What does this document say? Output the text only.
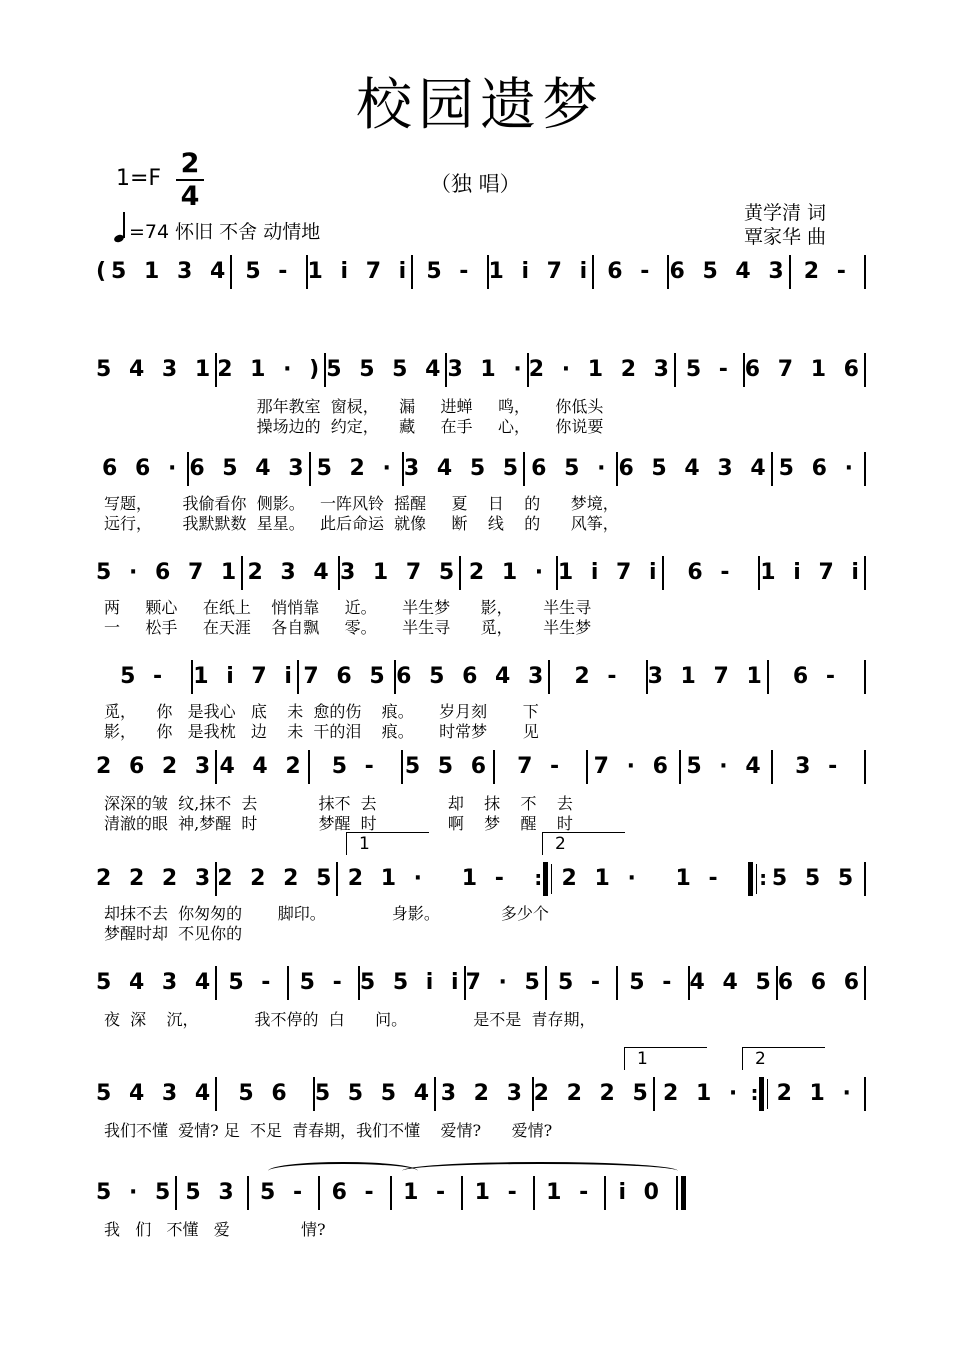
校园遗梦
1=F 2
4	（独 唱）
=74 怀旧 不舍 动情地
黄学清 词
覃家华 曲
(5 1 3 4 5 - 1 i 7 i 5 - 1 i 7 i 6 - 6 5 4 3 2 -
5 4 3 1 2 1 · ) 5 5 5 4 3 1 · 2 · 1 2 3 5 - 6 7 1 6
那年教室  窗棂，    漏     进蝉     鸣，     你低头
操场边的  约定，    藏     在手     心，     你说要
6 6 · 6 5 4 3 5 2 · 3 4 5 5 6 5 · 6 5 4 3 4 5 6 ·
写题，      我偷看你  侧影。   一阵风铃  摇醒     夏    日    的      梦境，
远行，      我默默数  星星。   此后命运  就像     断    线    的      风筝，
5 · 6 7 1 2 3 4 3 1 7 5 2 1 · 1 i 7 i	6 -	1 i 7 i
两     颗心     在纸上    悄悄靠     近。     半生梦      影，      半生寻
一     松手     在天涯    各自飘     零。     半生寻      觅，      半生梦
5 -	1 i 7 i 7 6 5 6 5 6 4 3	2 -	3 1 7 1	6 -
觅，    你   是我心   底    未  愈的伤    痕。     岁月刻       下
影，    你   是我枕   边    未  干的泪    痕。     时常梦       见
2 6 2 3 4 4 2	5 -	5 5 6	7 -	7 · 6 5 · 4	3 -
深深的皱  纹,抹不  去            抹不  去              却    抹    不    去
清澈的眼  神,梦醒  时            梦醒  时              啊    梦    醒    时
2 2 2 3 2 2 2 5 2 1 ·	1 - :	2 1 ·	1 - :	5 5 5
1	2
却抹不去  你匆匆的       脚印。             身影。            多少个
梦醒时却  不见你的
5 4 3 4 5 -	5 - 5 5 i i 7 · 5 5 -	5 - 4 4 5 6 6 6
夜  深    沉，           我不停的  白      问。             是不是  青存期，
5 4 3 4	5 6	5 5 5 4 3 2 3 2 2 2 5 2 1 · :	2 1 ·
1	2
我们不懂  爱情? 足  不足  青春期，我们不懂    爱情?      爱情?
5 · 5 5 3 5 -	6 -	1 -	1 -	1 -	i 0
我   们   不懂   爱              情?
